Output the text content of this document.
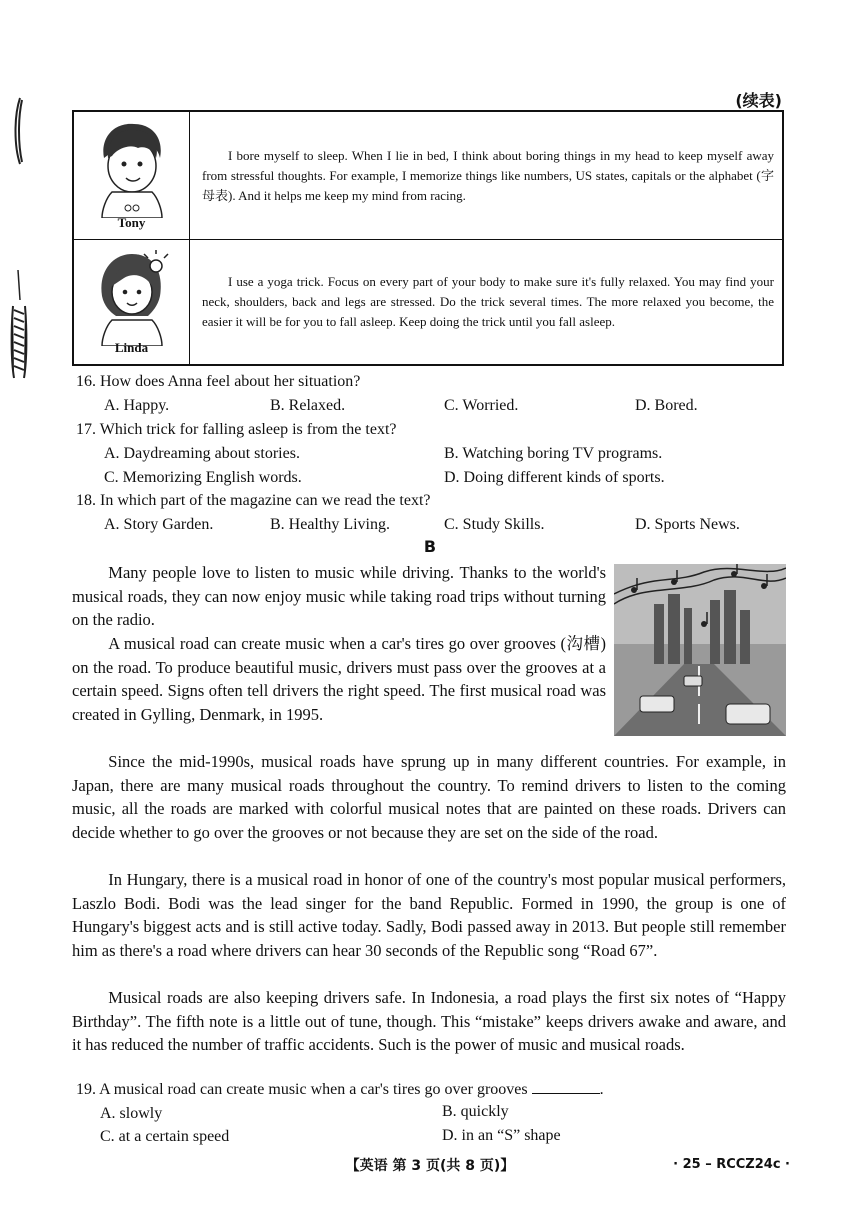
(续表)
Tony

I bore myself to sleep. When I lie in bed, I think about boring things in my head to keep myself away from stressful thoughts. For example, I memorize things like numbers, US states, capitals or the alphabet (字母表). And it helps me keep my mind from racing.

Linda

I use a yoga trick. Focus on every part of your body to make sure it's fully relaxed. You may find your neck, shoulders, back and legs are stressed. Do the trick several times. The more relaxed you become, the easier it will be for you to fall asleep. Keep doing the trick until you fall asleep.

16. How does Anna feel about her situation?
A. Happy.	B. Relaxed.	C. Worried.	D. Bored.
17. Which trick for falling asleep is from the text?
A. Daydreaming about stories.	B. Watching boring TV programs.
C. Memorizing English words.	D. Doing different kinds of sports.
18. In which part of the magazine can we read the text?
A. Story Garden.	B. Healthy Living.	C. Study Skills.	D. Sports News.
B

Many people love to listen to music while driving. Thanks to the world's musical roads, they can now enjoy music while taking road trips without turning on the radio.

A musical road can create music when a car's tires go over grooves (沟槽) on the road. To produce beautiful music, drivers must pass over the grooves at a certain speed. Signs often tell drivers the right speed. The first musical road was created in Gylling, Denmark, in 1995.

Since the mid-1990s, musical roads have sprung up in many different countries. For example, in Japan, there are many musical roads throughout the country. To remind drivers to listen to the coming music, all the roads are marked with colorful musical notes that are painted on these roads. Drivers can decide whether to go over the grooves or not because they are set on the side of the road.

In Hungary, there is a musical road in honor of one of the country's most popular musical performers, Laszlo Bodi. Bodi was the lead singer for the band Republic. Formed in 1990, the group is one of Hungary's biggest acts and is still active today. Sadly, Bodi passed away in 2013. But people still remember him as there's a road where drivers can hear 30 seconds of the Republic song “Road 67”.

Musical roads are also keeping drivers safe. In Indonesia, a road plays the first six notes of “Happy Birthday”. The fifth note is a little out of tune, though. This “mistake” keeps drivers awake and aware, and it has reduced the number of traffic accidents. Such is the power of music and musical roads.

19. A musical road can create music when a car's tires go over grooves	.
A. slowly	B. quickly
C. at a certain speed	D. in an “S” shape
【英语 第 3 页(共 8 页)】	· 25 – RCCZ24c ·
